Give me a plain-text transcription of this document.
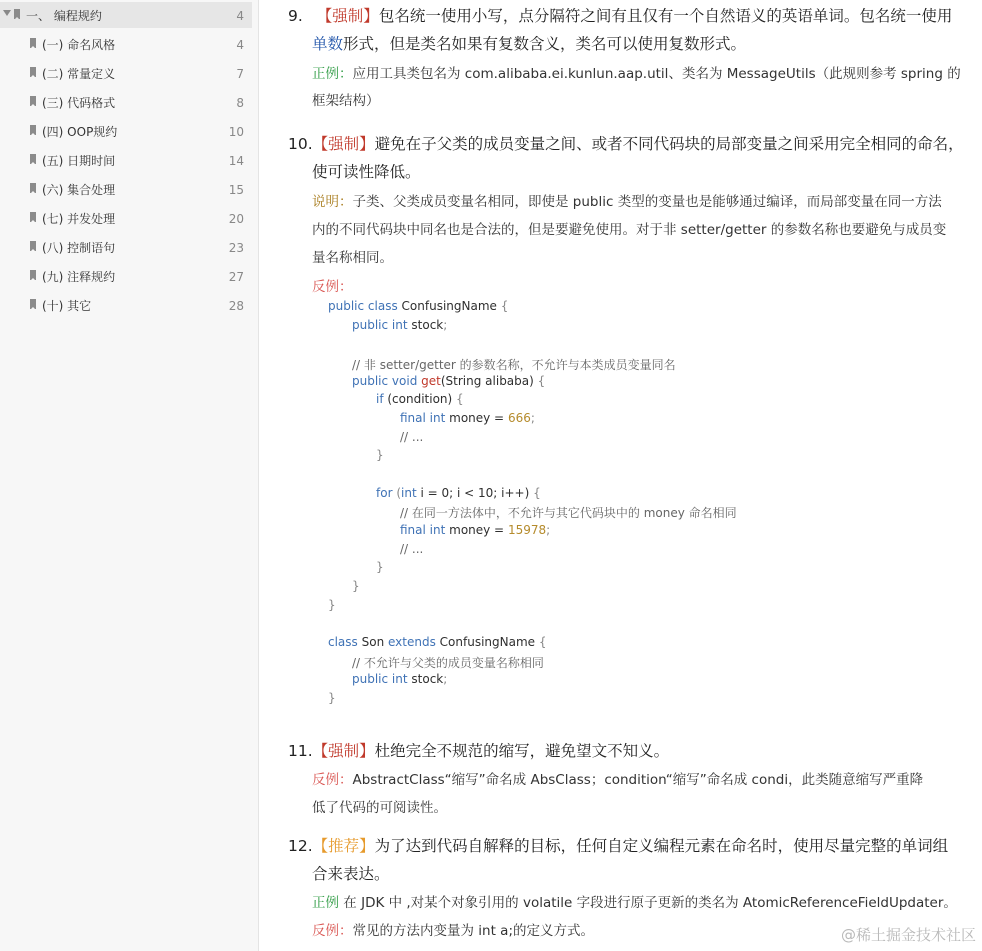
一、 编程规约	4
(一) 命名风格	4
(二) 常量定义	7
(三) 代码格式	8
(四) OOP规约	10
(五) 日期时间	14
(六) 集合处理	15
(七) 并发处理	20
(八) 控制语句	23
(九) 注释规约	27
(十) 其它	28
9. 【强制】包名统一使用小写，点分隔符之间有且仅有一个自然语义的英语单词。包名统一使用
单数形式，但是类名如果有复数含义，类名可以使用复数形式。
正例：应用工具类包名为 com.alibaba.ei.kunlun.aap.util、类名为 MessageUtils（此规则参考 spring 的
框架结构）
10.【强制】避免在子父类的成员变量之间、或者不同代码块的局部变量之间采用完全相同的命名，
使可读性降低。
说明：子类、父类成员变量名相同，即使是 public 类型的变量也是能够通过编译，而局部变量在同一方法
内的不同代码块中同名也是合法的，但是要避免使用。对于非 setter/getter 的参数名称也要避免与成员变
量名称相同。
反例：
public class ConfusingName {
public int stock;
// 非 setter/getter 的参数名称，不允许与本类成员变量同名
public void get(String alibaba) {
if (condition) {
final int money = 666;
// ...
}
for (int i = 0; i < 10; i++) {
// 在同一方法体中，不允许与其它代码块中的 money 命名相同
final int money = 15978;
// ...
}
}
}
class Son extends ConfusingName {
// 不允许与父类的成员变量名称相同
public int stock;
}
11.【强制】杜绝完全不规范的缩写，避免望文不知义。
反例：AbstractClass“缩写”命名成 AbsClass；condition“缩写”命名成 condi，此类随意缩写严重降
低了代码的可阅读性。
12.【推荐】为了达到代码自解释的目标，任何自定义编程元素在命名时，使用尽量完整的单词组
合来表达。
正例 在 JDK 中 ,对某个对象引用的 volatile 字段进行原子更新的类名为 AtomicReferenceFieldUpdater。
反例：常见的方法内变量为 int a;的定义方式。	@稀土掘金技术社区
